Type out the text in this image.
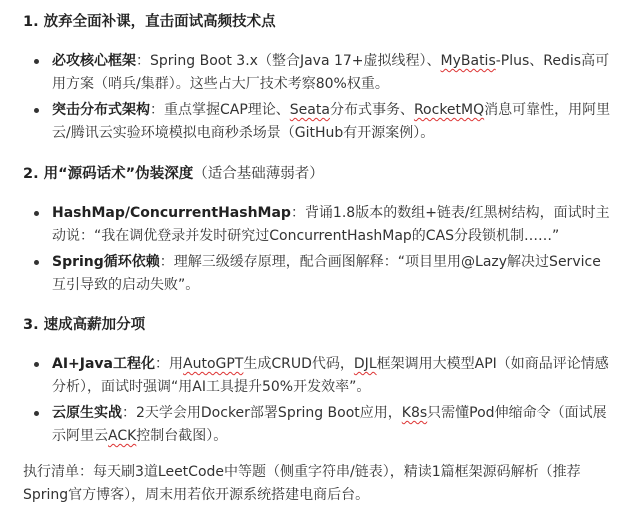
1. 放弃全面补课，直击面试高频技术点

必攻核心框架：Spring Boot 3.x（整合Java 17+虚拟线程）、MyBatis-Plus、Redis高可用方案（哨兵/集群）。这些占大厂技术考察80%权重。

突击分布式架构：重点掌握CAP理论、Seata分布式事务、RocketMQ消息可靠性，用阿里云/腾讯云实验环境模拟电商秒杀场景（GitHub有开源案例）。

2. 用“源码话术”伪装深度（适合基础薄弱者）

HashMap/ConcurrentHashMap：背诵1.8版本的数组+链表/红黑树结构，面试时主动说：“我在调优登录并发时研究过ConcurrentHashMap的CAS分段锁机制……”

Spring循环依赖：理解三级缓存原理，配合画图解释：“项目里用@Lazy解决过Service互引导致的启动失败”。

3. 速成高薪加分项

AI+Java工程化：用AutoGPT生成CRUD代码，DJL框架调用大模型API（如商品评论情感分析），面试时强调“用AI工具提升50%开发效率”。

云原生实战：2天学会用Docker部署Spring Boot应用，K8s只需懂Pod伸缩命令（面试展示阿里云ACK控制台截图）。

执行清单：每天刷3道LeetCode中等题（侧重字符串/链表），精读1篇框架源码解析（推荐Spring官方博客），周末用若依开源系统搭建电商后台。
